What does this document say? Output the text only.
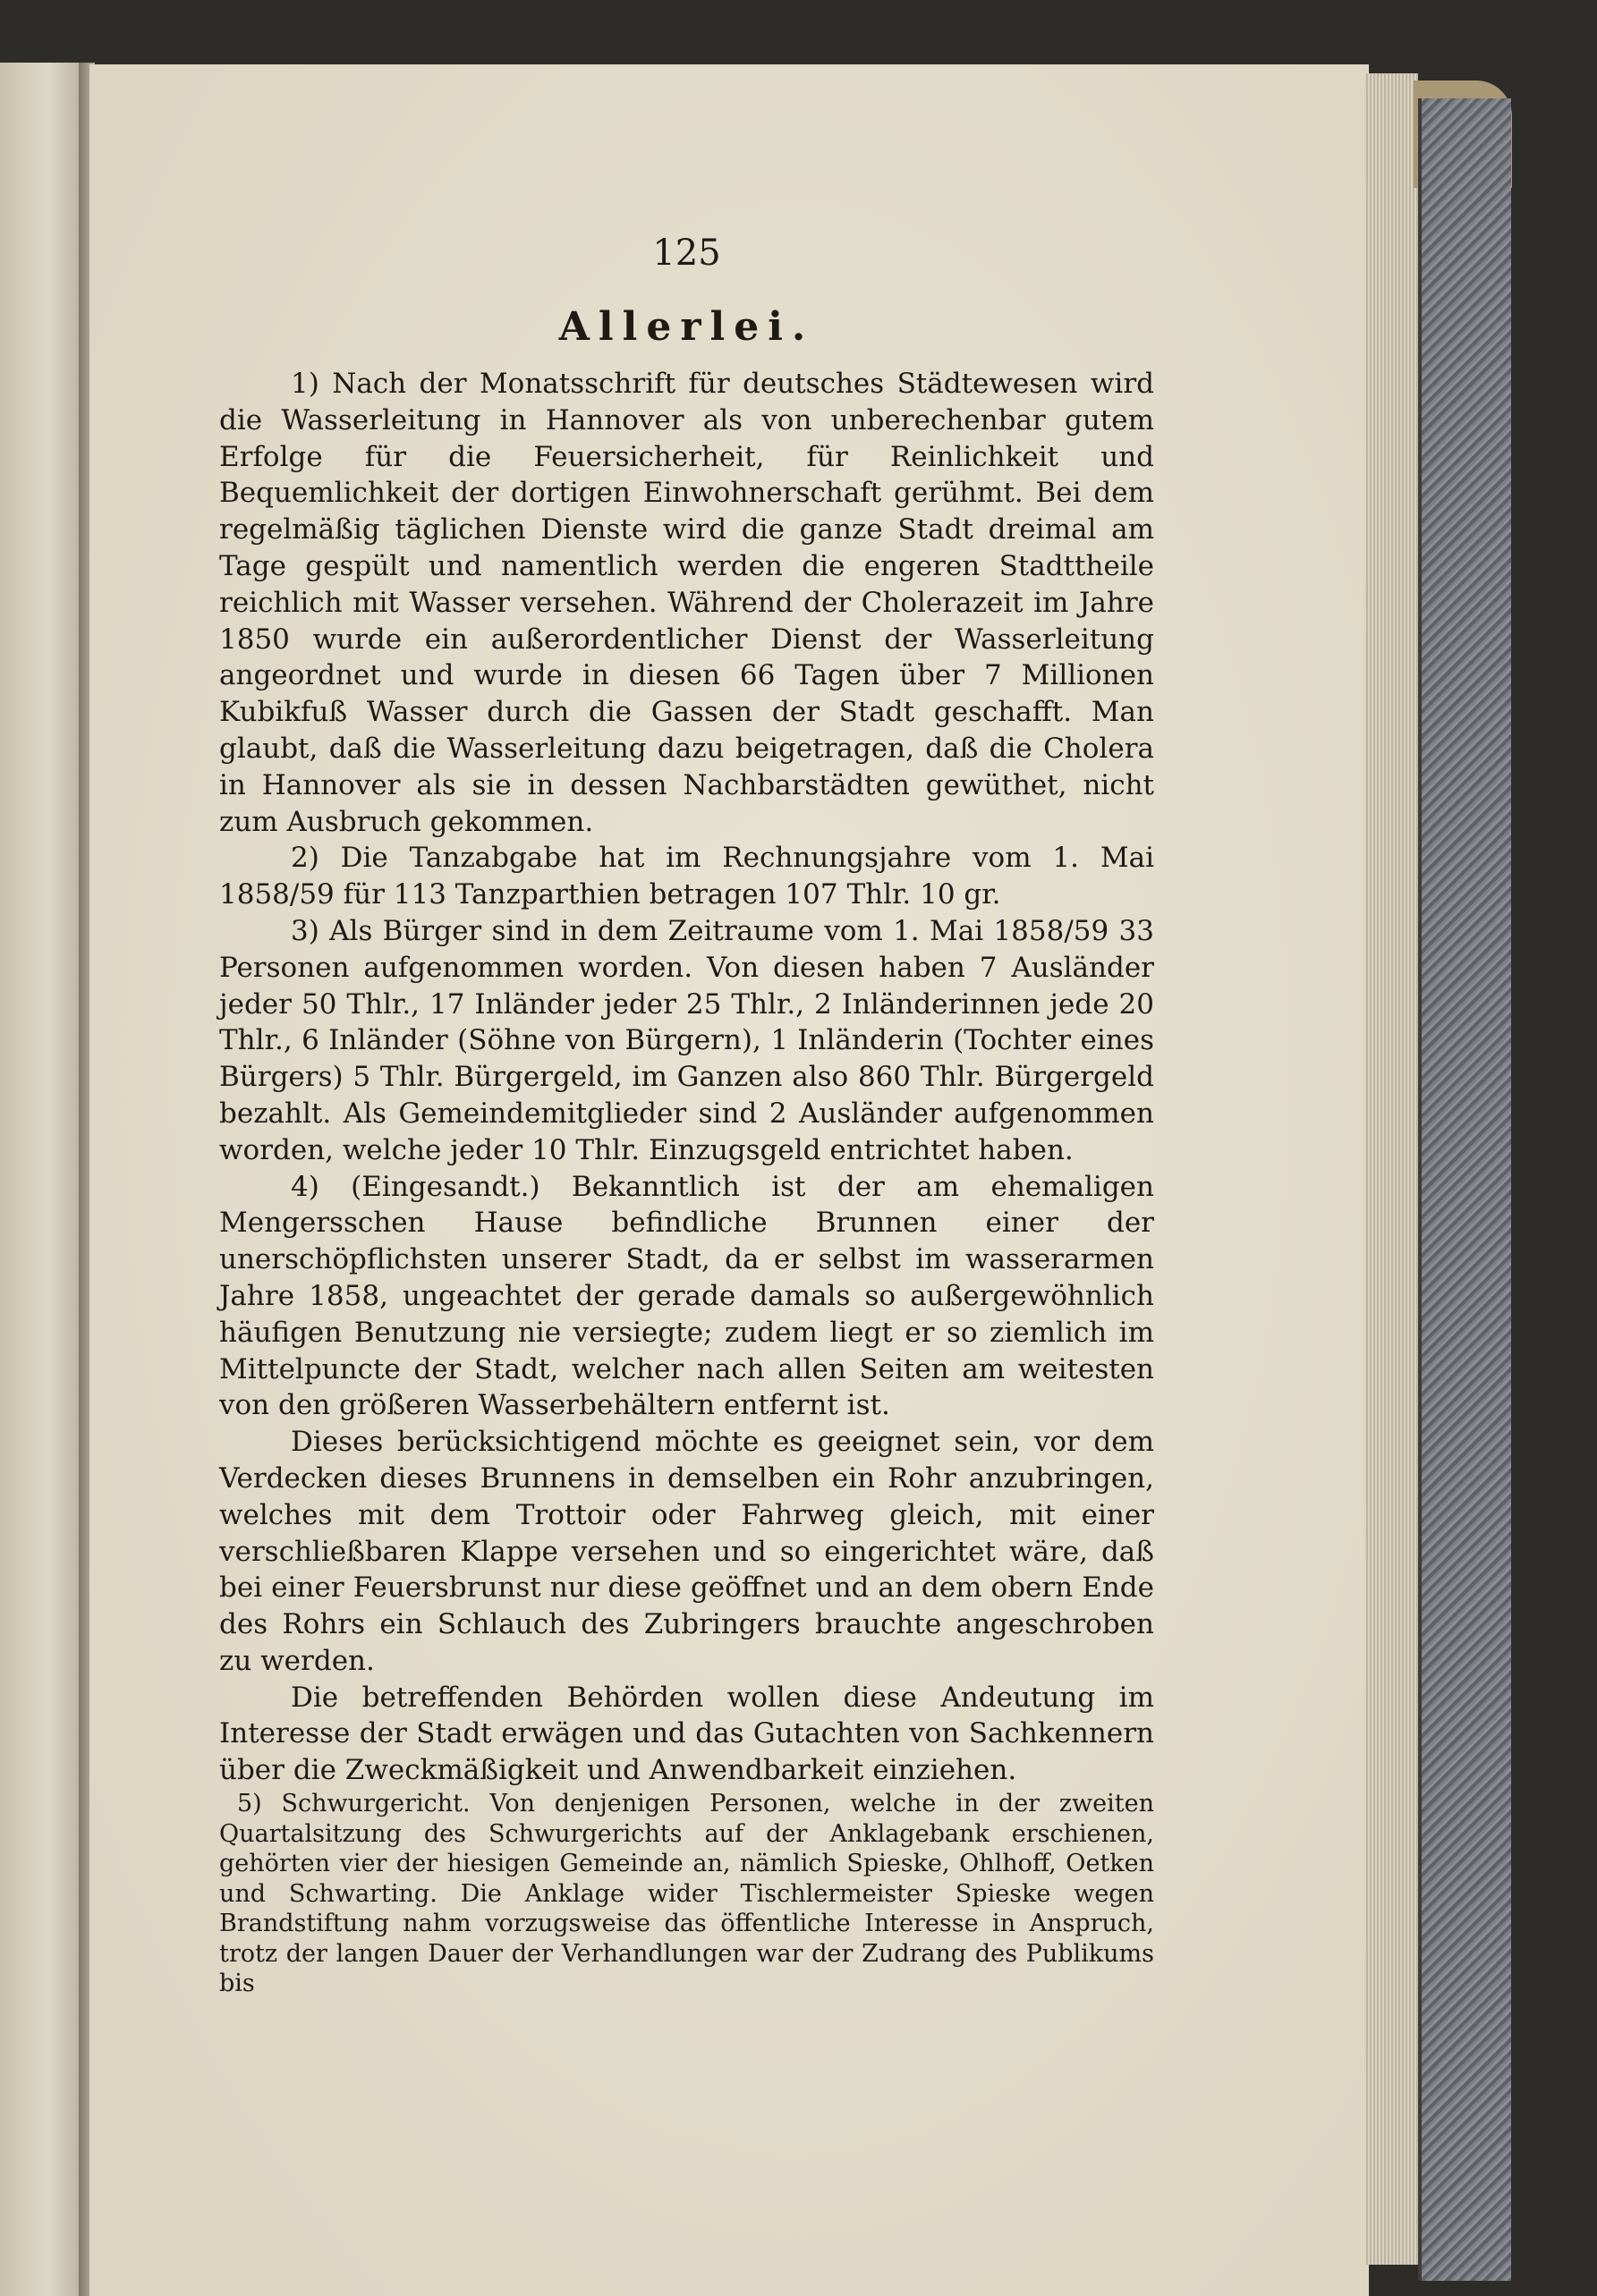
125
Allerlei.

1) Nach der Monatsschrift für deutsches Städtewesen wird die Wasserleitung in Hannover als von unberechenbar gutem Erfolge für die Feuersicherheit, für Reinlichkeit und Bequemlichkeit der dortigen Einwohnerschaft gerühmt. Bei dem regelmäßig täglichen Dienste wird die ganze Stadt dreimal am Tage gespült und namentlich werden die engeren Stadttheile reichlich mit Wasser versehen. Während der Cholerazeit im Jahre 1850 wurde ein außerordentlicher Dienst der Wasserleitung angeordnet und wurde in diesen 66 Tagen über 7 Millionen Kubikfuß Wasser durch die Gassen der Stadt geschafft. Man glaubt, daß die Wasserleitung dazu beigetragen, daß die Cholera in Hannover als sie in dessen Nachbarstädten gewüthet, nicht zum Ausbruch gekommen.

2) Die Tanzabgabe hat im Rechnungsjahre vom 1. Mai 1858/59 für 113 Tanzparthien betragen 107 Thlr. 10 gr.

3) Als Bürger sind in dem Zeitraume vom 1. Mai 1858/59 33 Personen aufgenommen worden. Von diesen haben 7 Ausländer jeder 50 Thlr., 17 Inländer jeder 25 Thlr., 2 Inländerinnen jede 20 Thlr., 6 Inländer (Söhne von Bürgern), 1 Inländerin (Tochter eines Bürgers) 5 Thlr. Bürgergeld, im Ganzen also 860 Thlr. Bürgergeld bezahlt. Als Gemeindemitglieder sind 2 Ausländer aufgenommen worden, welche jeder 10 Thlr. Einzugsgeld entrichtet haben.

4) (Eingesandt.) Bekanntlich ist der am ehemaligen Mengersschen Hause befindliche Brunnen einer der unerschöpflichsten unserer Stadt, da er selbst im wasserarmen Jahre 1858, ungeachtet der gerade damals so außergewöhnlich häufigen Benutzung nie versiegte; zudem liegt er so ziemlich im Mittelpuncte der Stadt, welcher nach allen Seiten am weitesten von den größeren Wasserbehältern entfernt ist.

Dieses berücksichtigend möchte es geeignet sein, vor dem Verdecken dieses Brunnens in demselben ein Rohr anzubringen, welches mit dem Trottoir oder Fahrweg gleich, mit einer verschließbaren Klappe versehen und so eingerichtet wäre, daß bei einer Feuersbrunst nur diese geöffnet und an dem obern Ende des Rohrs ein Schlauch des Zubringers brauchte angeschroben zu werden.

Die betreffenden Behörden wollen diese Andeutung im Interesse der Stadt erwägen und das Gutachten von Sachkennern über die Zweckmäßigkeit und Anwendbarkeit einziehen.

5) Schwurgericht. Von denjenigen Personen, welche in der zweiten Quartalsitzung des Schwurgerichts auf der Anklagebank erschienen, gehörten vier der hiesigen Gemeinde an, nämlich Spieske, Ohlhoff, Oetken und Schwarting. Die Anklage wider Tischlermeister Spieske wegen Brandstiftung nahm vorzugsweise das öffentliche Interesse in Anspruch, trotz der langen Dauer der Verhandlungen war der Zudrang des Publikums bis
